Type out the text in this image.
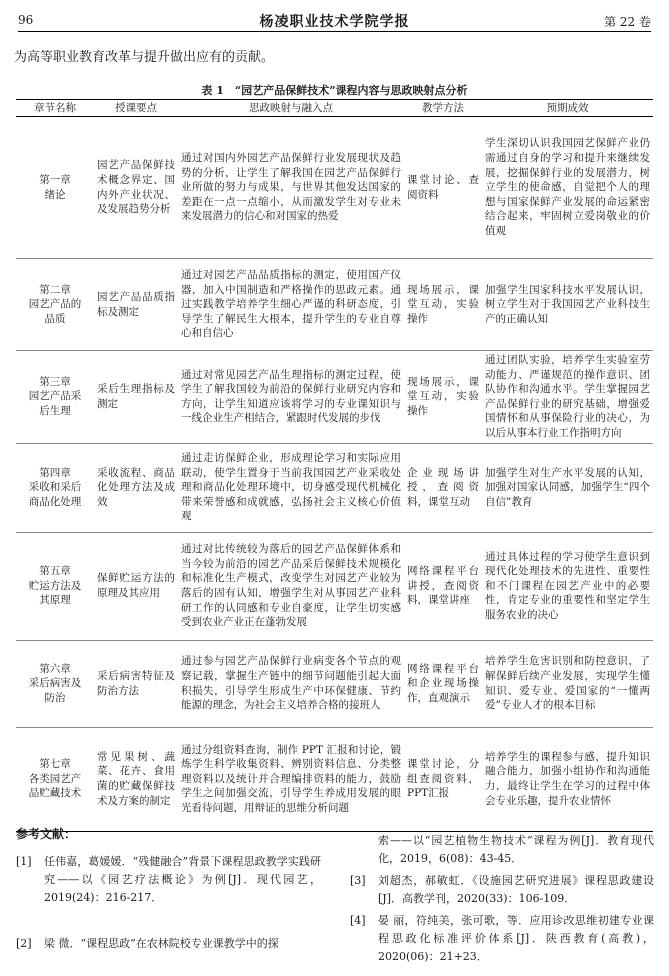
96	杨凌职业技术学院学报	第 22 卷
为高等职业教育改革与提升做出应有的贡献。
表 1　“园艺产品保鲜技术”课程内容与思政映射点分析
章节名称	授课要点	思政映射与融入点	教学方法	预期成效

第一章
绪论	园艺产品保鲜技术概念界定、国内外产业状况、及发展趋势分析	通过对国内外园艺产品保鲜行业发展现状及趋势的分析，让学生了解我国在园艺产品保鲜行业所做的努力与成果，与世界其他发达国家的差距在一点一点缩小，从而激发学生对专业未来发展潜力的信心和对国家的热爱	课堂讨论、查阅资料	学生深切认识我国园艺保鲜产业仍需通过自身的学习和提升来继续发展，挖掘保鲜行业的发展潜力，树立学生的使命感，自觉把个人的理想与国家保鲜产业发展的命运紧密结合起来，牢固树立爱岗敬业的价值观

第二章
园艺产品的
品质	园艺产品品质指标及测定	通过对园艺产品品质指标的测定，使用国产仪器，加入中国制造和严格操作的思政元素。通过实践教学培养学生细心严谨的科研态度，引导学生了解民生大根本，提升学生的专业自尊心和自信心	现场展示，课堂互动，实验操作	加强学生国家科技水平发展认识，树立学生对于我国园艺产业科技生产的正确认知

第三章
园艺产品采
后生理	采后生理指标及测定	通过对常见园艺产品生理指标的测定过程，使学生了解我国较为前沿的保鲜行业研究内容和方向，让学生知道应该将学习的专业课知识与一线企业生产相结合，紧跟时代发展的步伐	现场展示，课堂互动，实验操作	通过团队实验，培养学生实验室劳动能力、严谨规范的操作意识、团队协作和沟通水平。学生掌握园艺产品保鲜行业的研究基础，增强爱国情怀和从事保险行业的决心，为以后从事本行业工作指明方向

第四章
采收和采后
商品化处理	采收流程、商品化处理方法及成效	通过走访保鲜企业，形成理论学习和实际应用联动，使学生置身于当前我国园艺产业采收处理和商品化处理环境中，切身感受现代机械化带来荣誉感和成就感，弘扬社会主义核心价值观	企业现场讲授，查阅资料，课堂互动	加强学生对生产水平发展的认知，加强对国家认同感，加强学生“四个自信”教育

第五章
贮运方法及
其原理	保鲜贮运方法的原理及其应用	通过对比传统较为落后的园艺产品保鲜体系和当今较为前沿的园艺产品采后保鲜技术规模化和标准化生产模式，改变学生对园艺产业较为落后的固有认知，增强学生对从事园艺产业科研工作的认同感和专业自豪度，让学生切实感受到农业产业正在蓬勃发展	网络课程平台讲授，查阅资料，课堂讲座	通过具体过程的学习使学生意识到现代化处理技术的先进性、重要性和不门课程在园艺产业中的必要性，肯定专业的重要性和坚定学生服务农业的决心

第六章
采后病害及
防治	采后病害特征及防治方法	通过参与园艺产品保鲜行业病变各个节点的观察记载，掌握生产链中的细节问题能引起大面积损失，引导学生形成生产中环保健康、节约能源的理念，为社会主义培养合格的接班人	网络课程平台和企业现场操作，直观演示	培养学生危害识别和防控意识，了解保鲜后续产业发展，实现学生懂知识、爱专业、爱国家的“一懂两爱”专业人才的根本目标

第七章
各类园艺产
品贮藏技术	常见果树、蔬菜、花卉、食用菌的贮藏保鲜技术及方案的制定	通过分组资料查询，制作 PPT 汇报和讨论，锻炼学生科学收集资料、辨别资料信息、分类整理资料以及统计并合理编排资料的能力，鼓励学生之间加强交流，引导学生养成用发展的眼光看待问题，用辩证的思维分析问题	课堂讨论，分组查阅资料，PPT汇报	培养学生的课程参与感，提升知识融合能力，加强小组协作和沟通能力，最终让学生在学习的过程中体会专业乐趣，提升农业情怀
参考文献：
[1]	任伟嘉，葛媛媛．“残健融合”背景下课程思政教学实践研究——以《园艺疗法概论》为例[J]．现代园艺，2019(24)：216-217．
[2]	梁 微．“课程思政”在农林院校专业课教学中的探
索——以“园艺植物生物技术”课程为例[J]．教育现代化，2019，6(08)：43-45．
[3]	刘超杰，郝敏虹．《设施园艺研究进展》课程思政建设[J]．高教学刊，2020(33)：106-109．
[4]	晏 丽，符纯美，张可歌，等．应用诊改思维初建专业课程思政化标准评价体系[J]．陕西教育(高教)，2020(06)：21+23．
